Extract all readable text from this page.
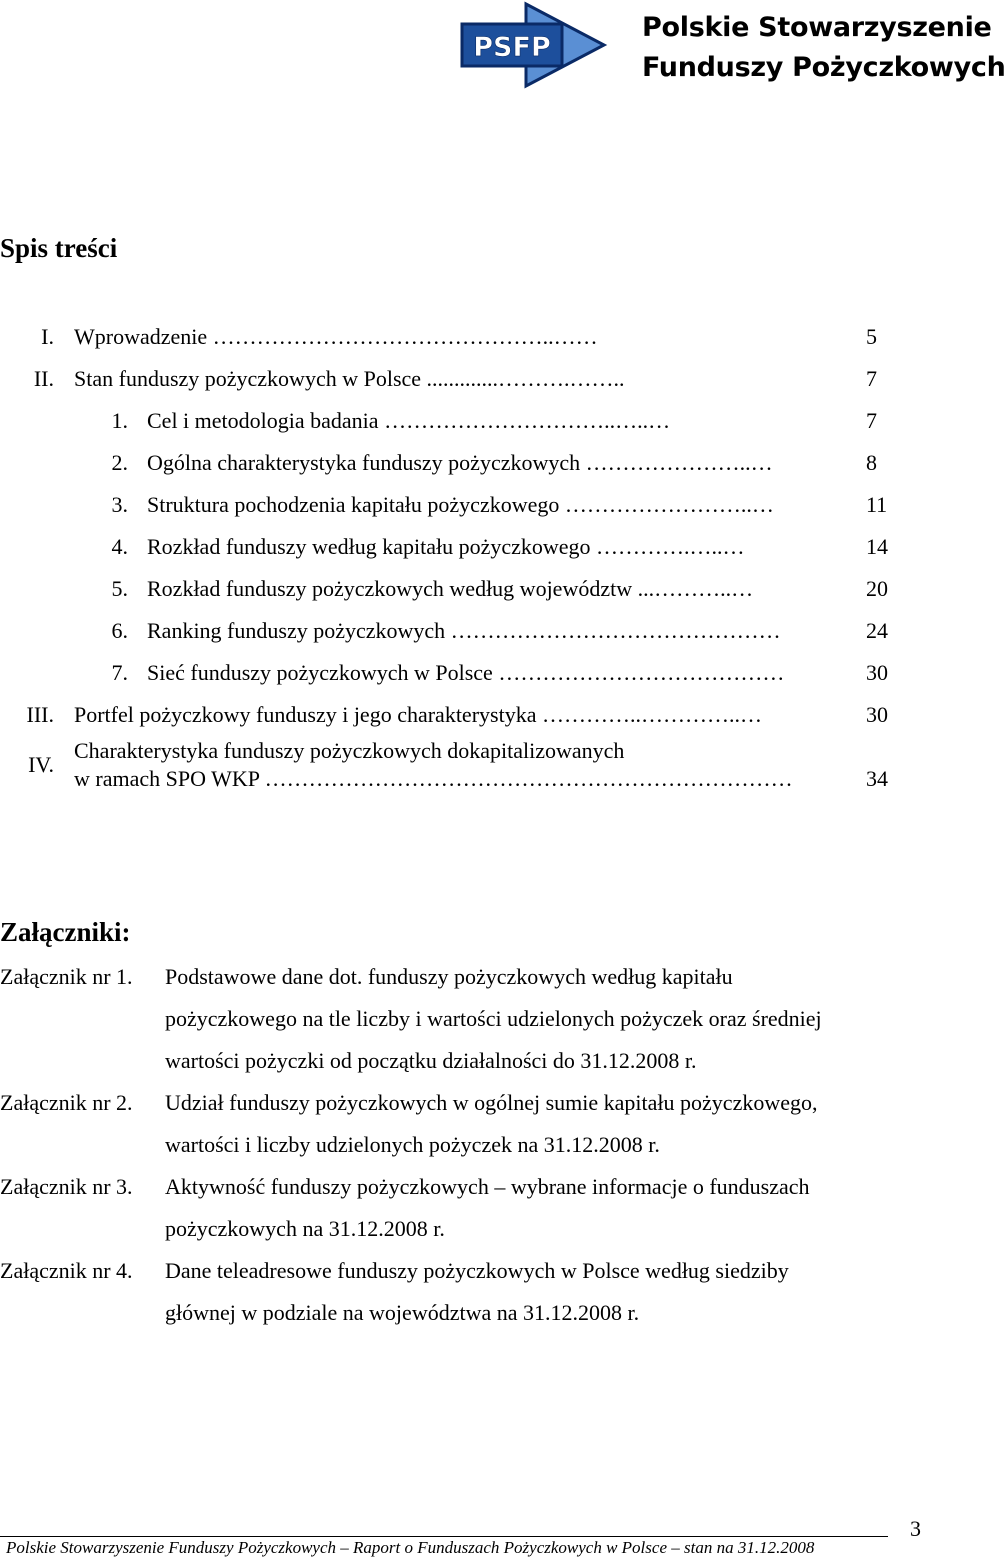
PSFP
Polskie Stowarzyszenie
Funduszy Pożyczkowych
Spis treści
I. Wprowadzenie ………………………………………..……	5
II. Stan funduszy pożyczkowych w Polsce .............……….……..	7
1. Cel i metodologia badania …………………………..…..…	7
2. Ogólna charakterystyka funduszy pożyczkowych …………………..…	8
3. Struktura pochodzenia kapitału pożyczkowego ……………………..…	11
4. Rozkład funduszy według kapitału pożyczkowego ………….…..…	14
5. Rozkład funduszy pożyczkowych według województw ...………..…	20
6. Ranking funduszy pożyczkowych ………………………………………	24
7. Sieć funduszy pożyczkowych w Polsce …………………………………	30
III. Portfel pożyczkowy funduszy i jego charakterystyka …………..…………..…	30
IV.
Charakterystyka funduszy pożyczkowych dokapitalizowanych
w ramach SPO WKP ………………………………………………………………	34
Załączniki:
Załącznik nr 1. Podstawowe dane dot. funduszy pożyczkowych według kapitału
pożyczkowego na tle liczby i wartości udzielonych pożyczek oraz średniej
wartości pożyczki od początku działalności do 31.12.2008 r.
Załącznik nr 2. Udział funduszy pożyczkowych w ogólnej sumie kapitału pożyczkowego,
wartości i liczby udzielonych pożyczek na 31.12.2008 r.
Załącznik nr 3. Aktywność funduszy pożyczkowych – wybrane informacje o funduszach
pożyczkowych na 31.12.2008 r.
Załącznik nr 4. Dane teleadresowe funduszy pożyczkowych w Polsce według siedziby
głównej w podziale na województwa na 31.12.2008 r.
Polskie Stowarzyszenie Funduszy Pożyczkowych – Raport o Funduszach Pożyczkowych w Polsce – stan na 31.12.2008
3
